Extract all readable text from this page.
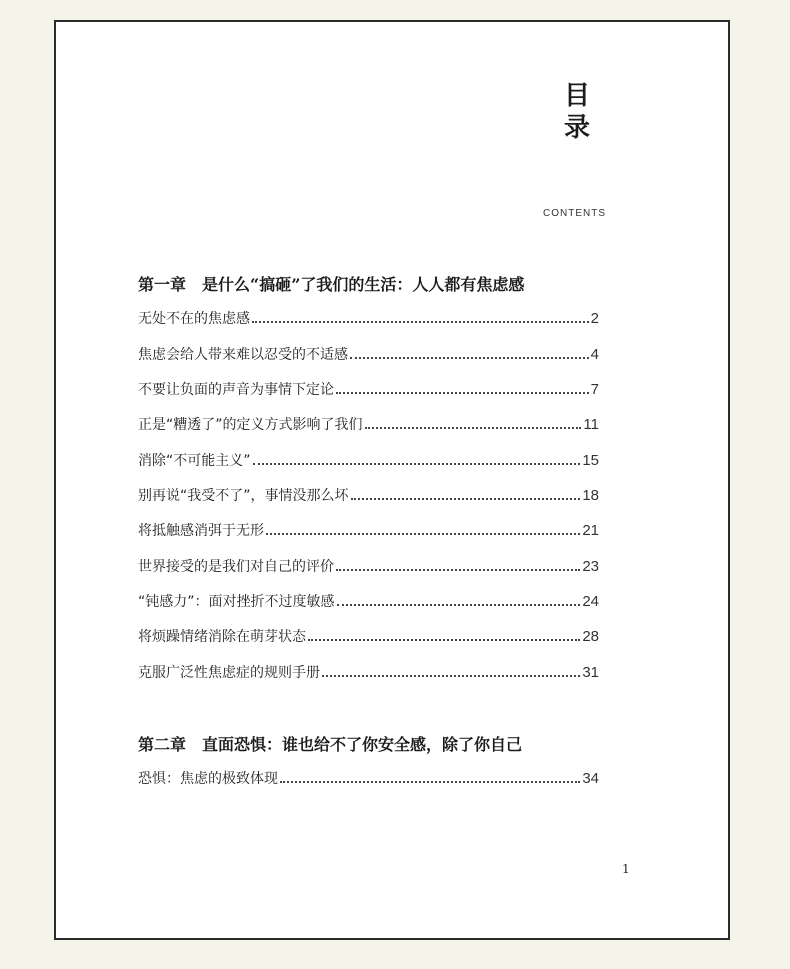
目
录
CONTENTS
第一章　是什么“搞砸”了我们的生活：人人都有焦虑感
无处不在的焦虑感	2
焦虑会给人带来难以忍受的不适感	4
不要让负面的声音为事情下定论	7
正是“糟透了”的定义方式影响了我们	11
消除“不可能主义”	15
别再说“我受不了”，事情没那么坏	18
将抵触感消弭于无形	21
世界接受的是我们对自己的评价	23
“钝感力”：面对挫折不过度敏感	24
将烦躁情绪消除在萌芽状态	28
克服广泛性焦虑症的规则手册	31
第二章　直面恐惧：谁也给不了你安全感，除了你自己
恐惧：焦虑的极致体现	34
1
